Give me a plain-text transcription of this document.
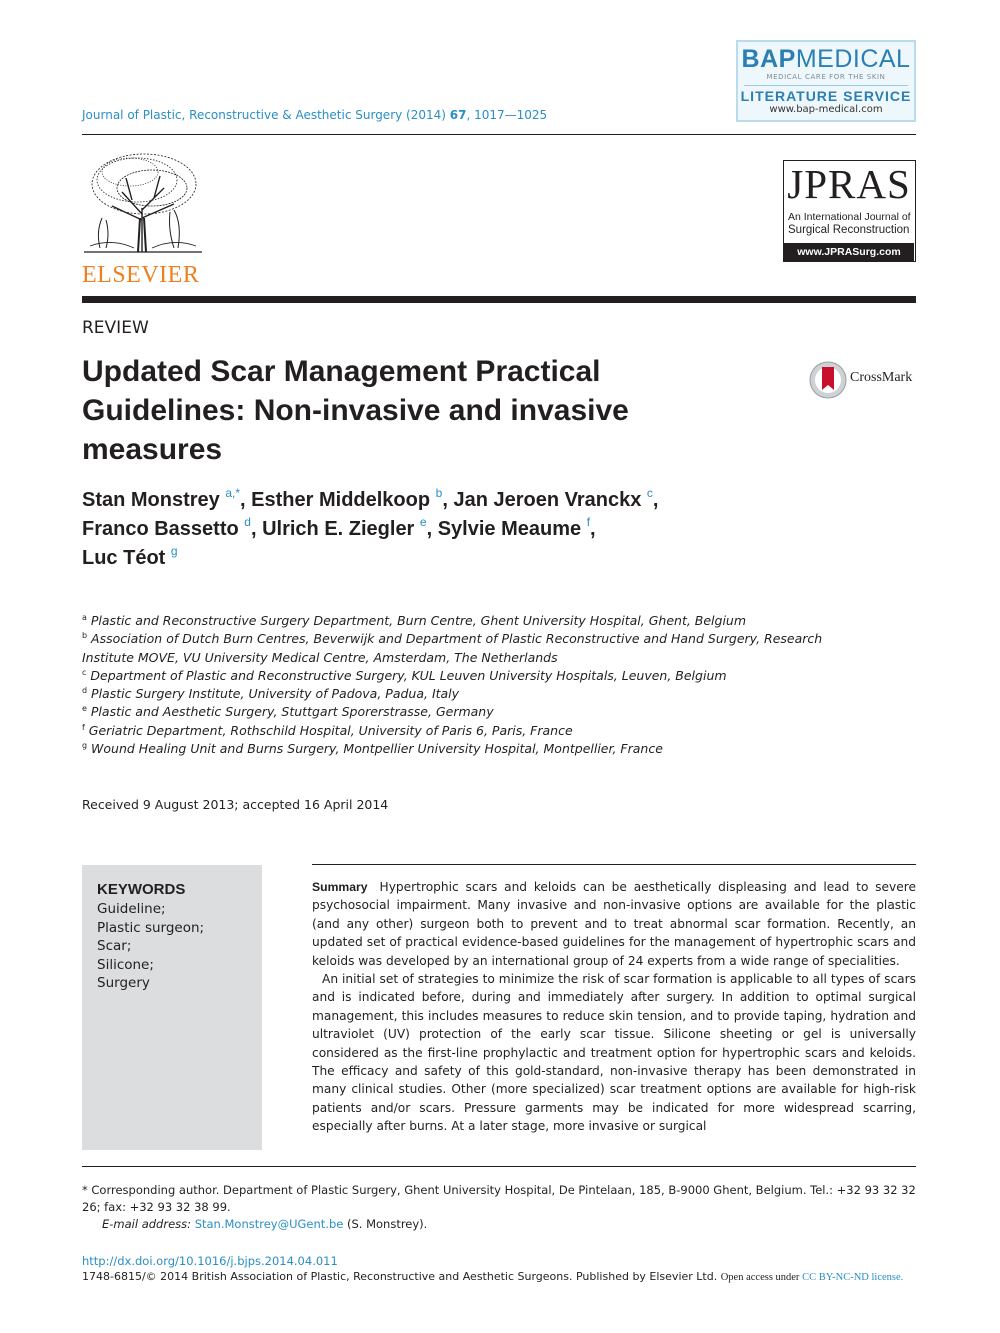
BAPMEDICAL
MEDICAL CARE FOR THE SKIN
LITERATURE SERVICE
www.bap-medical.com
Journal of Plastic, Reconstructive & Aesthetic Surgery (2014) 67, 1017—1025
ELSEVIER
JPRAS
An International Journal of
Surgical Reconstruction
www.JPRASurg.com
REVIEW
Updated Scar Management Practical Guidelines: Non-invasive and invasive measures
CrossMark
Stan Monstrey $^{a,*}$, Esther Middelkoop $^b$, Jan Jeroen Vranckx $^c$,
Franco Bassetto $^d$, Ulrich E. Ziegler $^e$, Sylvie Meaume $^f$,
Luc Téot $^g$
$^a$ Plastic and Reconstructive Surgery Department, Burn Centre, Ghent University Hospital, Ghent, Belgium
$^b$ Association of Dutch Burn Centres, Beverwijk and Department of Plastic Reconstructive and Hand Surgery, Research Institute MOVE, VU University Medical Centre, Amsterdam, The Netherlands
$^c$ Department of Plastic and Reconstructive Surgery, KUL Leuven University Hospitals, Leuven, Belgium
$^d$ Plastic Surgery Institute, University of Padova, Padua, Italy
$^e$ Plastic and Aesthetic Surgery, Stuttgart Sporerstrasse, Germany
$^f$ Geriatric Department, Rothschild Hospital, University of Paris 6, Paris, France
$^g$ Wound Healing Unit and Burns Surgery, Montpellier University Hospital, Montpellier, France
Received 9 August 2013; accepted 16 April 2014
KEYWORDS
Guideline;
Plastic surgeon;
Scar;
Silicone;
Surgery

Summary Hypertrophic scars and keloids can be aesthetically displeasing and lead to severe psychosocial impairment. Many invasive and non-invasive options are available for the plastic (and any other) surgeon both to prevent and to treat abnormal scar formation. Recently, an updated set of practical evidence-based guidelines for the management of hypertrophic scars and keloids was developed by an international group of 24 experts from a wide range of specialities.

An initial set of strategies to minimize the risk of scar formation is applicable to all types of scars and is indicated before, during and immediately after surgery. In addition to optimal surgical management, this includes measures to reduce skin tension, and to provide taping, hydration and ultraviolet (UV) protection of the early scar tissue. Silicone sheeting or gel is universally considered as the first-line prophylactic and treatment option for hypertrophic scars and keloids. The efficacy and safety of this gold-standard, non-invasive therapy has been demonstrated in many clinical studies. Other (more specialized) scar treatment options are available for high-risk patients and/or scars. Pressure garments may be indicated for more widespread scarring, especially after burns. At a later stage, more invasive or surgical

* Corresponding author. Department of Plastic Surgery, Ghent University Hospital, De Pintelaan, 185, B-9000 Ghent, Belgium. Tel.: +32 93 32 32 26; fax: +32 93 32 38 99.
E-mail address: Stan.Monstrey@UGent.be (S. Monstrey).
http://dx.doi.org/10.1016/j.bjps.2014.04.011
1748-6815/© 2014 British Association of Plastic, Reconstructive and Aesthetic Surgeons. Published by Elsevier Ltd. Open access under CC BY-NC-ND license.
